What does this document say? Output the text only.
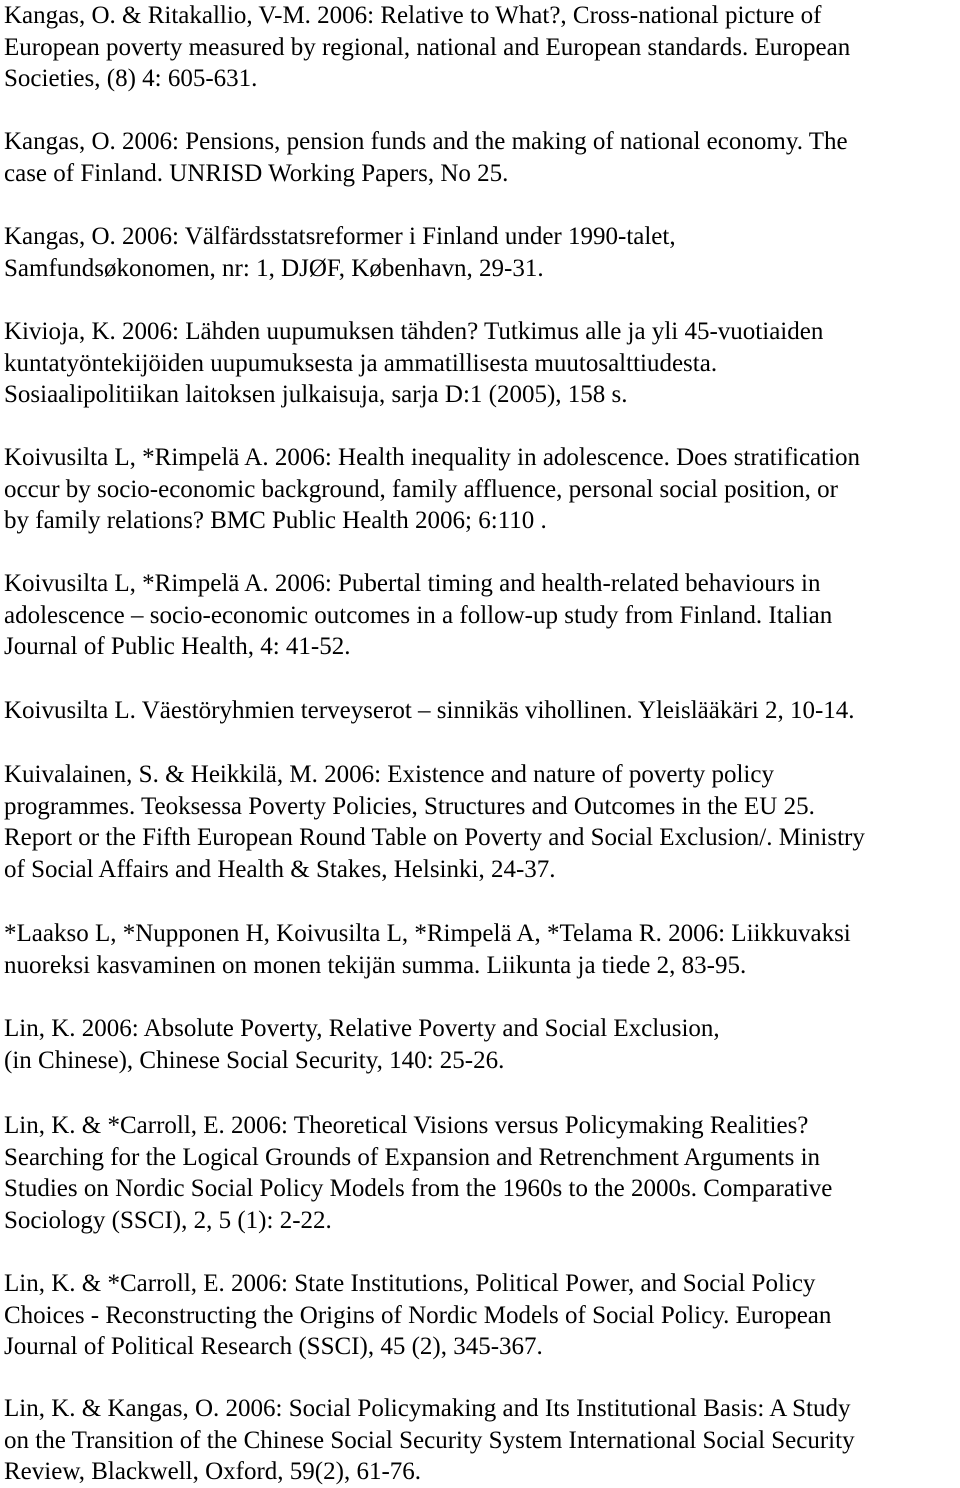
Kangas, O. & Ritakallio, V-M. 2006: Relative to What?, Cross-national picture of
European poverty measured by regional, national and European standards. European
Societies, (8) 4: 605-631.
Kangas, O. 2006: Pensions, pension funds and the making of national economy. The
case of Finland. UNRISD Working Papers, No 25.
Kangas, O. 2006: Välfärdsstatsreformer i Finland under 1990-talet,
Samfundsøkonomen, nr: 1, DJØF, København, 29-31.
Kivioja, K. 2006: Lähden uupumuksen tähden? Tutkimus alle ja yli 45-vuotiaiden
kuntatyöntekijöiden uupumuksesta ja ammatillisesta muutosalttiudesta.
Sosiaalipolitiikan laitoksen julkaisuja, sarja D:1 (2005), 158 s.
Koivusilta L, *Rimpelä A. 2006: Health inequality in adolescence. Does stratification
occur by socio-economic background, family affluence, personal social position, or
by family relations? BMC Public Health 2006; 6:110 .
Koivusilta L, *Rimpelä A. 2006: Pubertal timing and health-related behaviours in
adolescence – socio-economic outcomes in a follow-up study from Finland. Italian
Journal of Public Health, 4: 41-52.
Koivusilta L. Väestöryhmien terveyserot – sinnikäs vihollinen. Yleislääkäri 2, 10-14.
Kuivalainen, S. & Heikkilä, M. 2006: Existence and nature of poverty policy
programmes. Teoksessa Poverty Policies, Structures and Outcomes in the EU 25.
Report or the Fifth European Round Table on Poverty and Social Exclusion/. Ministry
of Social Affairs and Health & Stakes, Helsinki, 24-37.
*Laakso L, *Nupponen H, Koivusilta L, *Rimpelä A, *Telama R. 2006: Liikkuvaksi
nuoreksi kasvaminen on monen tekijän summa. Liikunta ja tiede 2, 83-95.
Lin, K. 2006: Absolute Poverty, Relative Poverty and Social Exclusion,
(in Chinese), Chinese Social Security, 140: 25-26.
Lin, K. & *Carroll, E. 2006: Theoretical Visions versus Policymaking Realities?
Searching for the Logical Grounds of Expansion and Retrenchment Arguments in
Studies on Nordic Social Policy Models from the 1960s to the 2000s. Comparative
Sociology (SSCI), 2, 5 (1): 2-22.
Lin, K. & *Carroll, E. 2006: State Institutions, Political Power, and Social Policy
Choices - Reconstructing the Origins of Nordic Models of Social Policy. European
Journal of Political Research (SSCI), 45 (2), 345-367.
Lin, K. & Kangas, O. 2006: Social Policymaking and Its Institutional Basis: A Study
on the Transition of the Chinese Social Security System International Social Security
Review, Blackwell, Oxford, 59(2), 61-76.
